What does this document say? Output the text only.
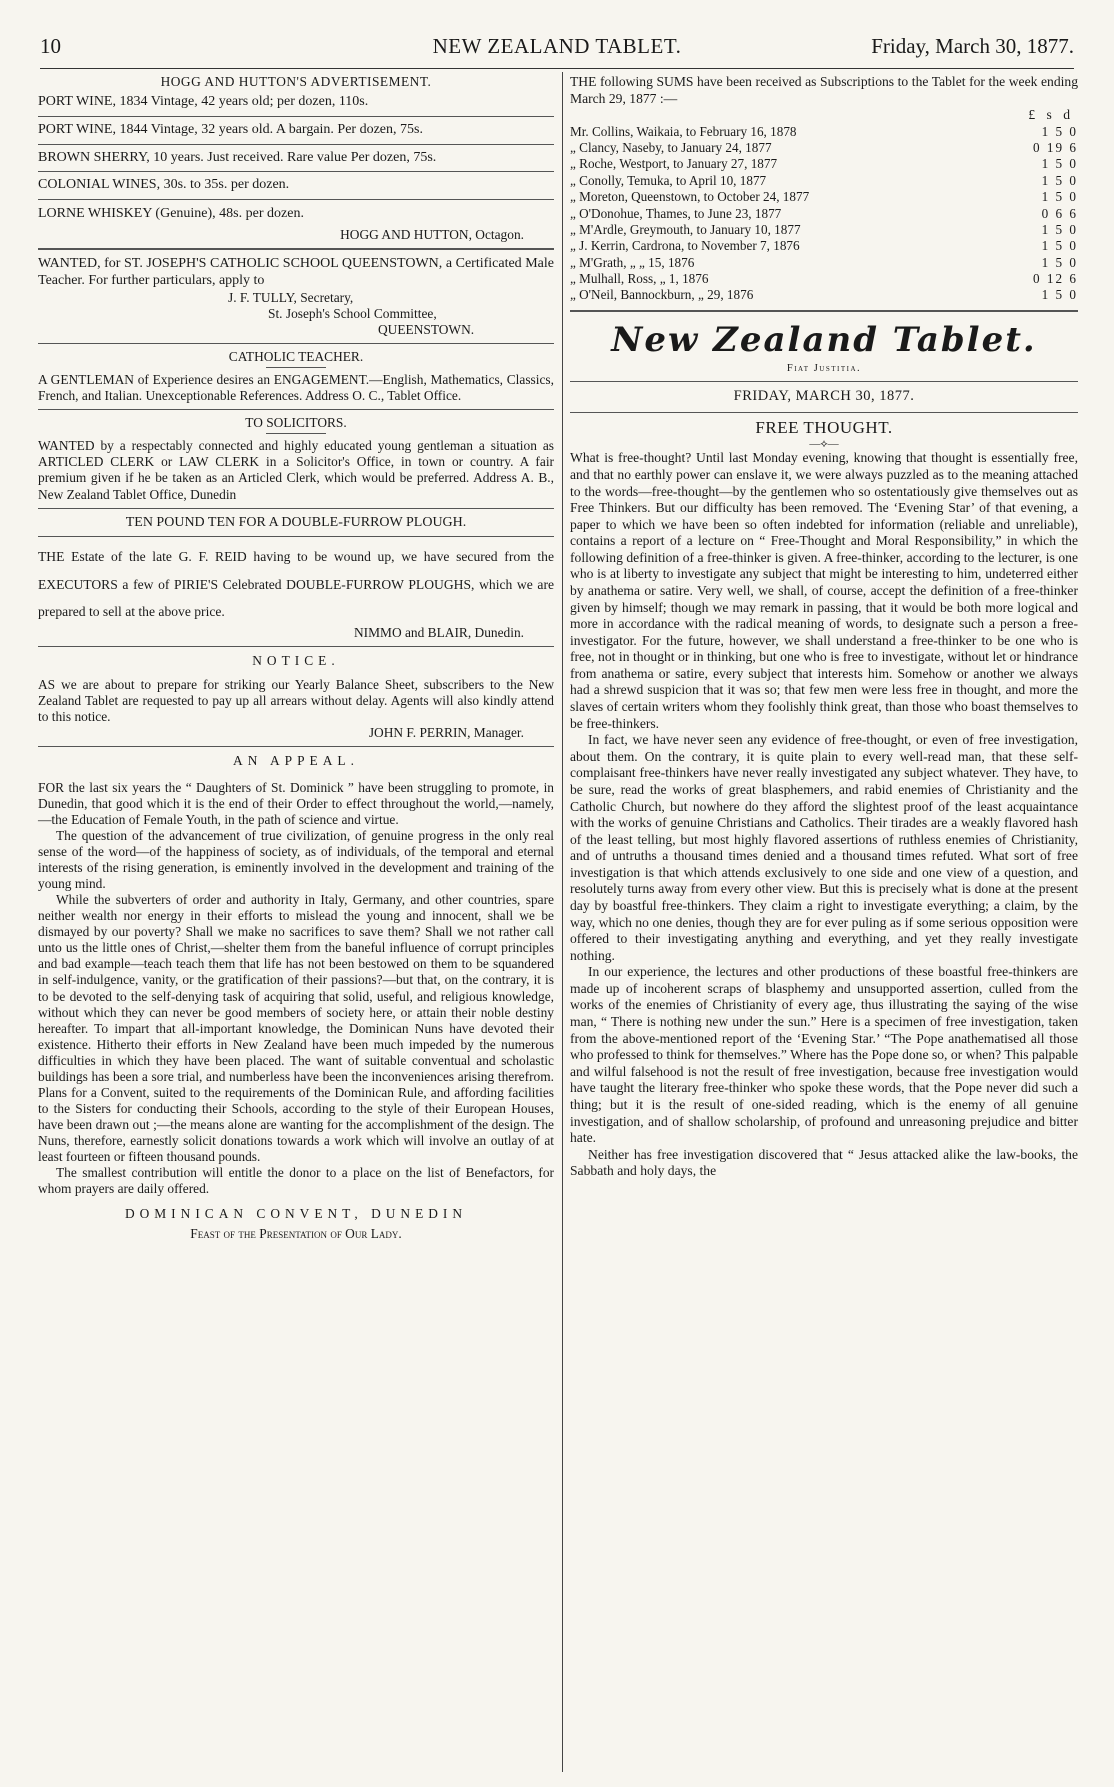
10	NEW ZEALAND TABLET.	Friday, March 30, 1877.
HOGG AND HUTTON'S ADVERTISEMENT.

PORT WINE, 1834 Vintage, 42 years old; per dozen, 110s.

PORT WINE, 1844 Vintage, 32 years old. A bargain. Per dozen, 75s.

BROWN SHERRY, 10 years. Just received. Rare value Per dozen, 75s.

COLONIAL WINES, 30s. to 35s. per dozen.

LORNE WHISKEY (Genuine), 48s. per dozen.

HOGG AND HUTTON, Octagon.

WANTED, for ST. JOSEPH'S CATHOLIC SCHOOL QUEENSTOWN, a Certificated Male Teacher. For further particulars, apply to

J. F. TULLY, Secretary,

St. Joseph's School Committee,

QUEENSTOWN.

CATHOLIC TEACHER.

A GENTLEMAN of Experience desires an ENGAGEMENT.—English, Mathematics, Classics, French, and Italian. Unexceptionable References. Address O. C., Tablet Office.

TO SOLICITORS.

WANTED by a respectably connected and highly educated young gentleman a situation as ARTICLED CLERK or LAW CLERK in a Solicitor's Office, in town or country. A fair premium given if he be taken as an Articled Clerk, which would be preferred. Address A. B., New Zealand Tablet Office, Dunedin

TEN POUND TEN FOR A DOUBLE-FURROW PLOUGH.

THE Estate of the late G. F. REID having to be wound up, we have secured from the EXECUTORS a few of PIRIE'S Celebrated DOUBLE-FURROW PLOUGHS, which we are prepared to sell at the above price.

NIMMO and BLAIR, Dunedin.

NOTICE.

AS we are about to prepare for striking our Yearly Balance Sheet, subscribers to the New Zealand Tablet are requested to pay up all arrears without delay. Agents will also kindly attend to this notice.

JOHN F. PERRIN, Manager.

AN APPEAL.

FOR the last six years the “ Daughters of St. Dominick ” have been struggling to promote, in Dunedin, that good which it is the end of their Order to effect throughout the world,—namely,—the Education of Female Youth, in the path of science and virtue.

The question of the advancement of true civilization, of genuine progress in the only real sense of the word—of the happiness of society, as of individuals, of the temporal and eternal interests of the rising generation, is eminently involved in the development and training of the young mind.

While the subverters of order and authority in Italy, Germany, and other countries, spare neither wealth nor energy in their efforts to mislead the young and innocent, shall we be dismayed by our poverty? Shall we make no sacrifices to save them? Shall we not rather call unto us the little ones of Christ,—shelter them from the baneful influence of corrupt principles and bad example—teach teach them that life has not been bestowed on them to be squandered in self-indulgence, vanity, or the gratification of their passions?—but that, on the contrary, it is to be devoted to the self-denying task of acquiring that solid, useful, and religious knowledge, without which they can never be good members of society here, or attain their noble destiny hereafter. To impart that all-important knowledge, the Dominican Nuns have devoted their existence. Hitherto their efforts in New Zealand have been much impeded by the numerous difficulties in which they have been placed. The want of suitable conventual and scholastic buildings has been a sore trial, and numberless have been the inconveniences arising therefrom. Plans for a Convent, suited to the requirements of the Dominican Rule, and affording facilities to the Sisters for conducting their Schools, according to the style of their European Houses, have been drawn out ;—the means alone are wanting for the accomplishment of the design. The Nuns, therefore, earnestly solicit donations towards a work which will involve an outlay of at least fourteen or fifteen thousand pounds.

The smallest contribution will entitle the donor to a place on the list of Benefactors, for whom prayers are daily offered.

DOMINICAN CONVENT, DUNEDIN

Feast of the Presentation of Our Lady.

THE following SUMS have been received as Subscriptions to the Tablet for the week ending March 29, 1877 :—

£ s d

Mr. Collins, Waikaia, to February 16, 1878	1 5 0
„ Clancy, Naseby, to January 24, 1877	0 19 6
„ Roche, Westport, to January 27, 1877	1 5 0
„ Conolly, Temuka, to April 10, 1877	1 5 0
„ Moreton, Queenstown, to October 24, 1877	1 5 0
„ O'Donohue, Thames, to June 23, 1877	0 6 6
„ M'Ardle, Greymouth, to January 10, 1877	1 5 0
„ J. Kerrin, Cardrona, to November 7, 1876	1 5 0
„ M'Grath, „ „ 15, 1876	1 5 0
„ Mulhall, Ross, „ 1, 1876	0 12 6
„ O'Neil, Bannockburn, „ 29, 1876	1 5 0
New Zealand Tablet.
Fiat Justitia.
FRIDAY, MARCH 30, 1877.
FREE THOUGHT.
—⟡—

What is free-thought? Until last Monday evening, knowing that thought is essentially free, and that no earthly power can enslave it, we were always puzzled as to the meaning attached to the words—free-thought—by the gentlemen who so ostentatiously give themselves out as Free Thinkers. But our difficulty has been removed. The ‘Evening Star’ of that evening, a paper to which we have been so often indebted for information (reliable and unreliable), contains a report of a lecture on “ Free-Thought and Moral Responsibility,” in which the following definition of a free-thinker is given. A free-thinker, according to the lecturer, is one who is at liberty to investigate any subject that might be interesting to him, undeterred either by anathema or satire. Very well, we shall, of course, accept the definition of a free-thinker given by himself; though we may remark in passing, that it would be both more logical and more in accordance with the radical meaning of words, to designate such a person a free-investigator. For the future, however, we shall understand a free-thinker to be one who is free, not in thought or in thinking, but one who is free to investigate, without let or hindrance from anathema or satire, every subject that interests him. Somehow or another we always had a shrewd suspicion that it was so; that few men were less free in thought, and more the slaves of certain writers whom they foolishly think great, than those who boast themselves to be free-thinkers.

In fact, we have never seen any evidence of free-thought, or even of free investigation, about them. On the contrary, it is quite plain to every well-read man, that these self-complaisant free-thinkers have never really investigated any subject whatever. They have, to be sure, read the works of great blasphemers, and rabid enemies of Christianity and the Catholic Church, but nowhere do they afford the slightest proof of the least acquaintance with the works of genuine Christians and Catholics. Their tirades are a weakly flavored hash of the least telling, but most highly flavored assertions of ruthless enemies of Christianity, and of untruths a thousand times denied and a thousand times refuted. What sort of free investigation is that which attends exclusively to one side and one view of a question, and resolutely turns away from every other view. But this is precisely what is done at the present day by boastful free-thinkers. They claim a right to investigate everything; a claim, by the way, which no one denies, though they are for ever puling as if some serious opposition were offered to their investigating anything and everything, and yet they really investigate nothing.

In our experience, the lectures and other productions of these boastful free-thinkers are made up of incoherent scraps of blasphemy and unsupported assertion, culled from the works of the enemies of Christianity of every age, thus illustrating the saying of the wise man, “ There is nothing new under the sun.” Here is a specimen of free investigation, taken from the above-mentioned report of the ‘Evening Star.’ “The Pope anathematised all those who professed to think for themselves.” Where has the Pope done so, or when? This palpable and wilful falsehood is not the result of free investigation, because free investigation would have taught the literary free-thinker who spoke these words, that the Pope never did such a thing; but it is the result of one-sided reading, which is the enemy of all genuine investigation, and of shallow scholarship, of profound and unreasoning prejudice and bitter hate.

Neither has free investigation discovered that “ Jesus attacked alike the law-books, the Sabbath and holy days, the
